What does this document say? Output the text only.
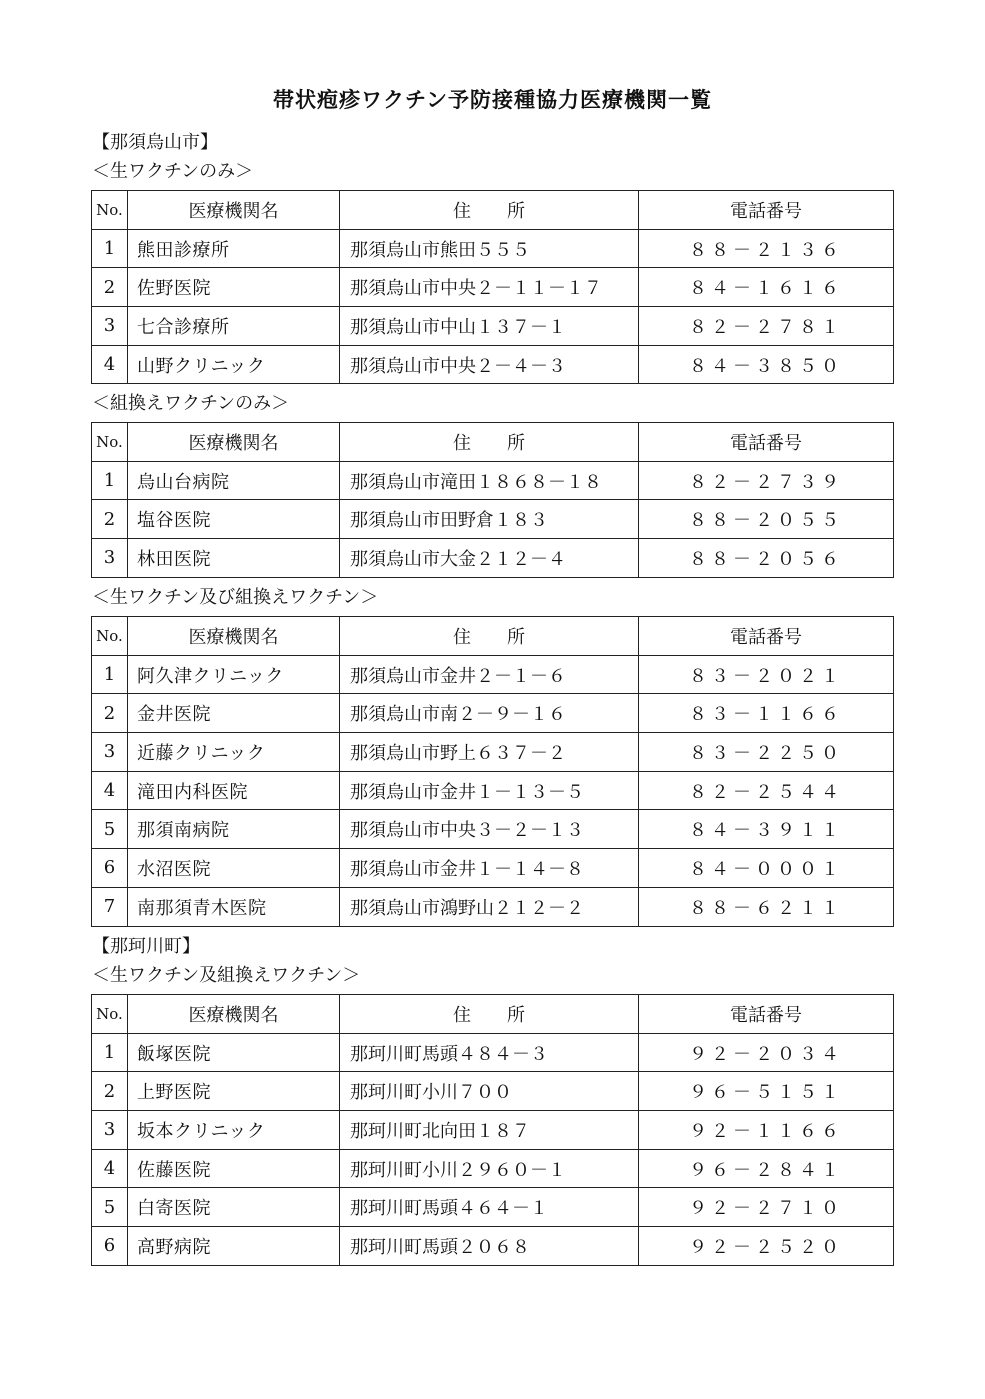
帯状疱疹ワクチン予防接種協力医療機関一覧
【那須烏山市】
＜生ワクチンのみ＞
No.	医療機関名	住　　所	電話番号
1	熊田診療所	那須烏山市熊田５５５	８８－２１３６
2	佐野医院	那須烏山市中央２－１１－１７	８４－１６１６
3	七合診療所	那須烏山市中山１３７－１	８２－２７８１
4	山野クリニック	那須烏山市中央２－４－３	８４－３８５０
＜組換えワクチンのみ＞
No.	医療機関名	住　　所	電話番号
1	烏山台病院	那須烏山市滝田１８６８－１８	８２－２７３９
2	塩谷医院	那須烏山市田野倉１８３	８８－２０５５
3	林田医院	那須烏山市大金２１２－４	８８－２０５６
＜生ワクチン及び組換えワクチン＞
No.	医療機関名	住　　所	電話番号
1	阿久津クリニック	那須烏山市金井２－１－６	８３－２０２１
2	金井医院	那須烏山市南２－９－１６	８３－１１６６
3	近藤クリニック	那須烏山市野上６３７－２	８３－２２５０
4	滝田内科医院	那須烏山市金井１－１３－５	８２－２５４４
5	那須南病院	那須烏山市中央３－２－１３	８４－３９１１
6	水沼医院	那須烏山市金井１－１４－８	８４－０００１
7	南那須青木医院	那須烏山市鴻野山２１２－２	８８－６２１１
【那珂川町】
＜生ワクチン及組換えワクチン＞
No.	医療機関名	住　　所	電話番号
1	飯塚医院	那珂川町馬頭４８４－３	９２－２０３４
2	上野医院	那珂川町小川７００	９６－５１５１
3	坂本クリニック	那珂川町北向田１８７	９２－１１６６
4	佐藤医院	那珂川町小川２９６０－１	９６－２８４１
5	白寄医院	那珂川町馬頭４６４－１	９２－２７１０
6	高野病院	那珂川町馬頭２０６８	９２－２５２０
